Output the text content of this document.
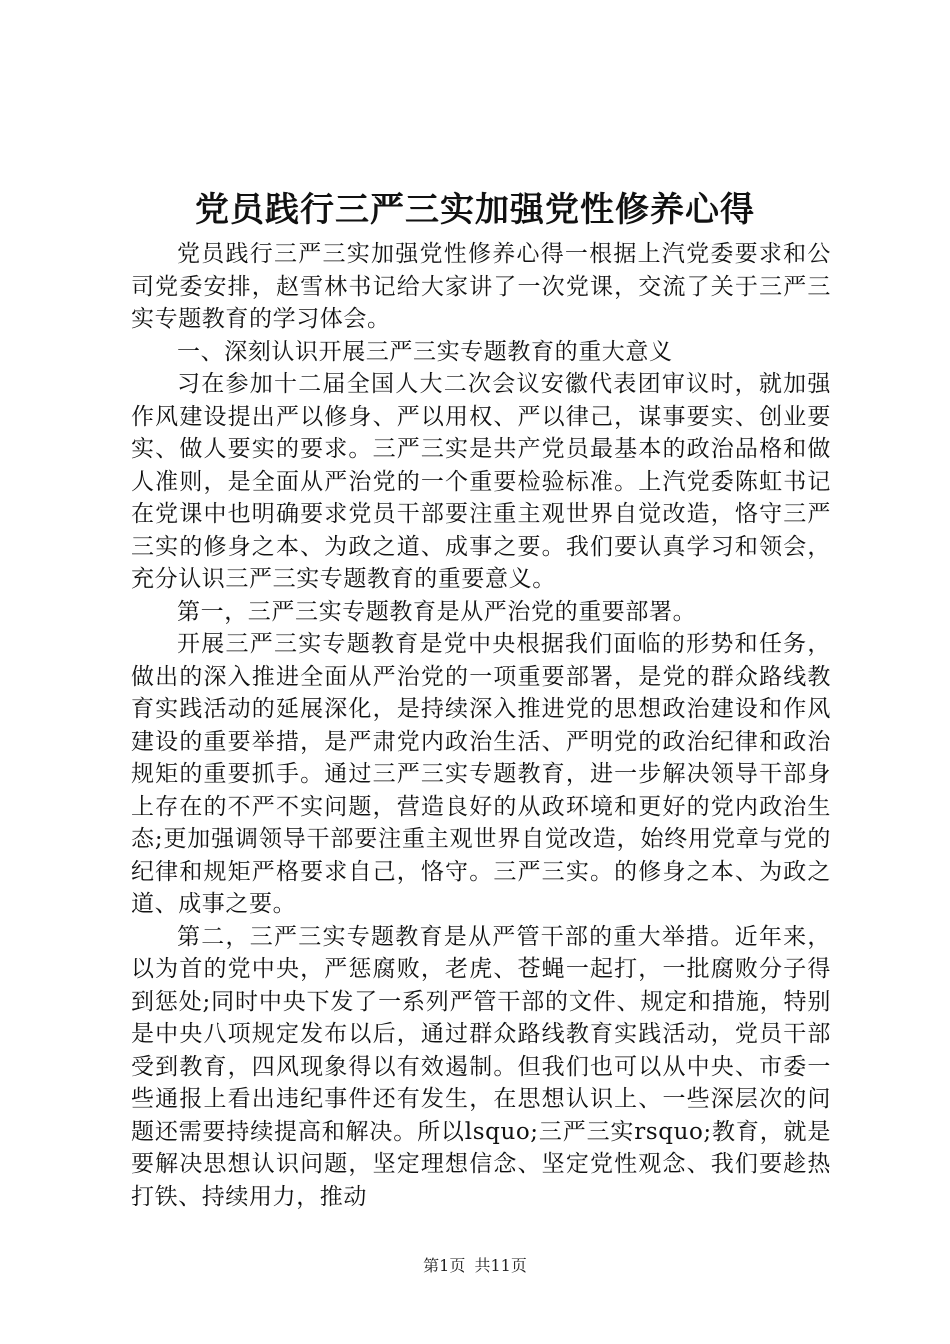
党员践行三严三实加强党性修养心得

党员践行三严三实加强党性修养心得一根据上汽党委要求和公司党委安排，赵雪林书记给大家讲了一次党课，交流了关于三严三实专题教育的学习体会。

一、深刻认识开展三严三实专题教育的重大意义

习在参加十二届全国人大二次会议安徽代表团审议时，就加强作风建设提出严以修身、严以用权、严以律己，谋事要实、创业要实、做人要实的要求。三严三实是共产党员最基本的政治品格和做人准则，是全面从严治党的一个重要检验标准。上汽党委陈虹书记在党课中也明确要求党员干部要注重主观世界自觉改造，恪守三严三实的修身之本、为政之道、成事之要。我们要认真学习和领会，充分认识三严三实专题教育的重要意义。

第一，三严三实专题教育是从严治党的重要部署。

开展三严三实专题教育是党中央根据我们面临的形势和任务，做出的深入推进全面从严治党的一项重要部署，是党的群众路线教育实践活动的延展深化，是持续深入推进党的思想政治建设和作风建设的重要举措，是严肃党内政治生活、严明党的政治纪律和政治规矩的重要抓手。通过三严三实专题教育，进一步解决领导干部身上存在的不严不实问题，营造良好的从政环境和更好的党内政治生态;更加强调领导干部要注重主观世界自觉改造，始终用党章与党的纪律和规矩严格要求自己，恪守。三严三实。的修身之本、为政之道、成事之要。

第二，三严三实专题教育是从严管干部的重大举措。近年来，以为首的党中央，严惩腐败，老虎、苍蝇一起打，一批腐败分子得到惩处;同时中央下发了一系列严管干部的文件、规定和措施，特别是中央八项规定发布以后，通过群众路线教育实践活动，党员干部受到教育，四风现象得以有效遏制。但我们也可以从中央、市委一些通报上看出违纪事件还有发生，在思想认识上、一些深层次的问题还需要持续提高和解决。所以lsquo;三严三实rsquo;教育，就是要解决思想认识问题，坚定理想信念、坚定党性观念、我们要趁热打铁、持续用力，推动

第1页 共11页
